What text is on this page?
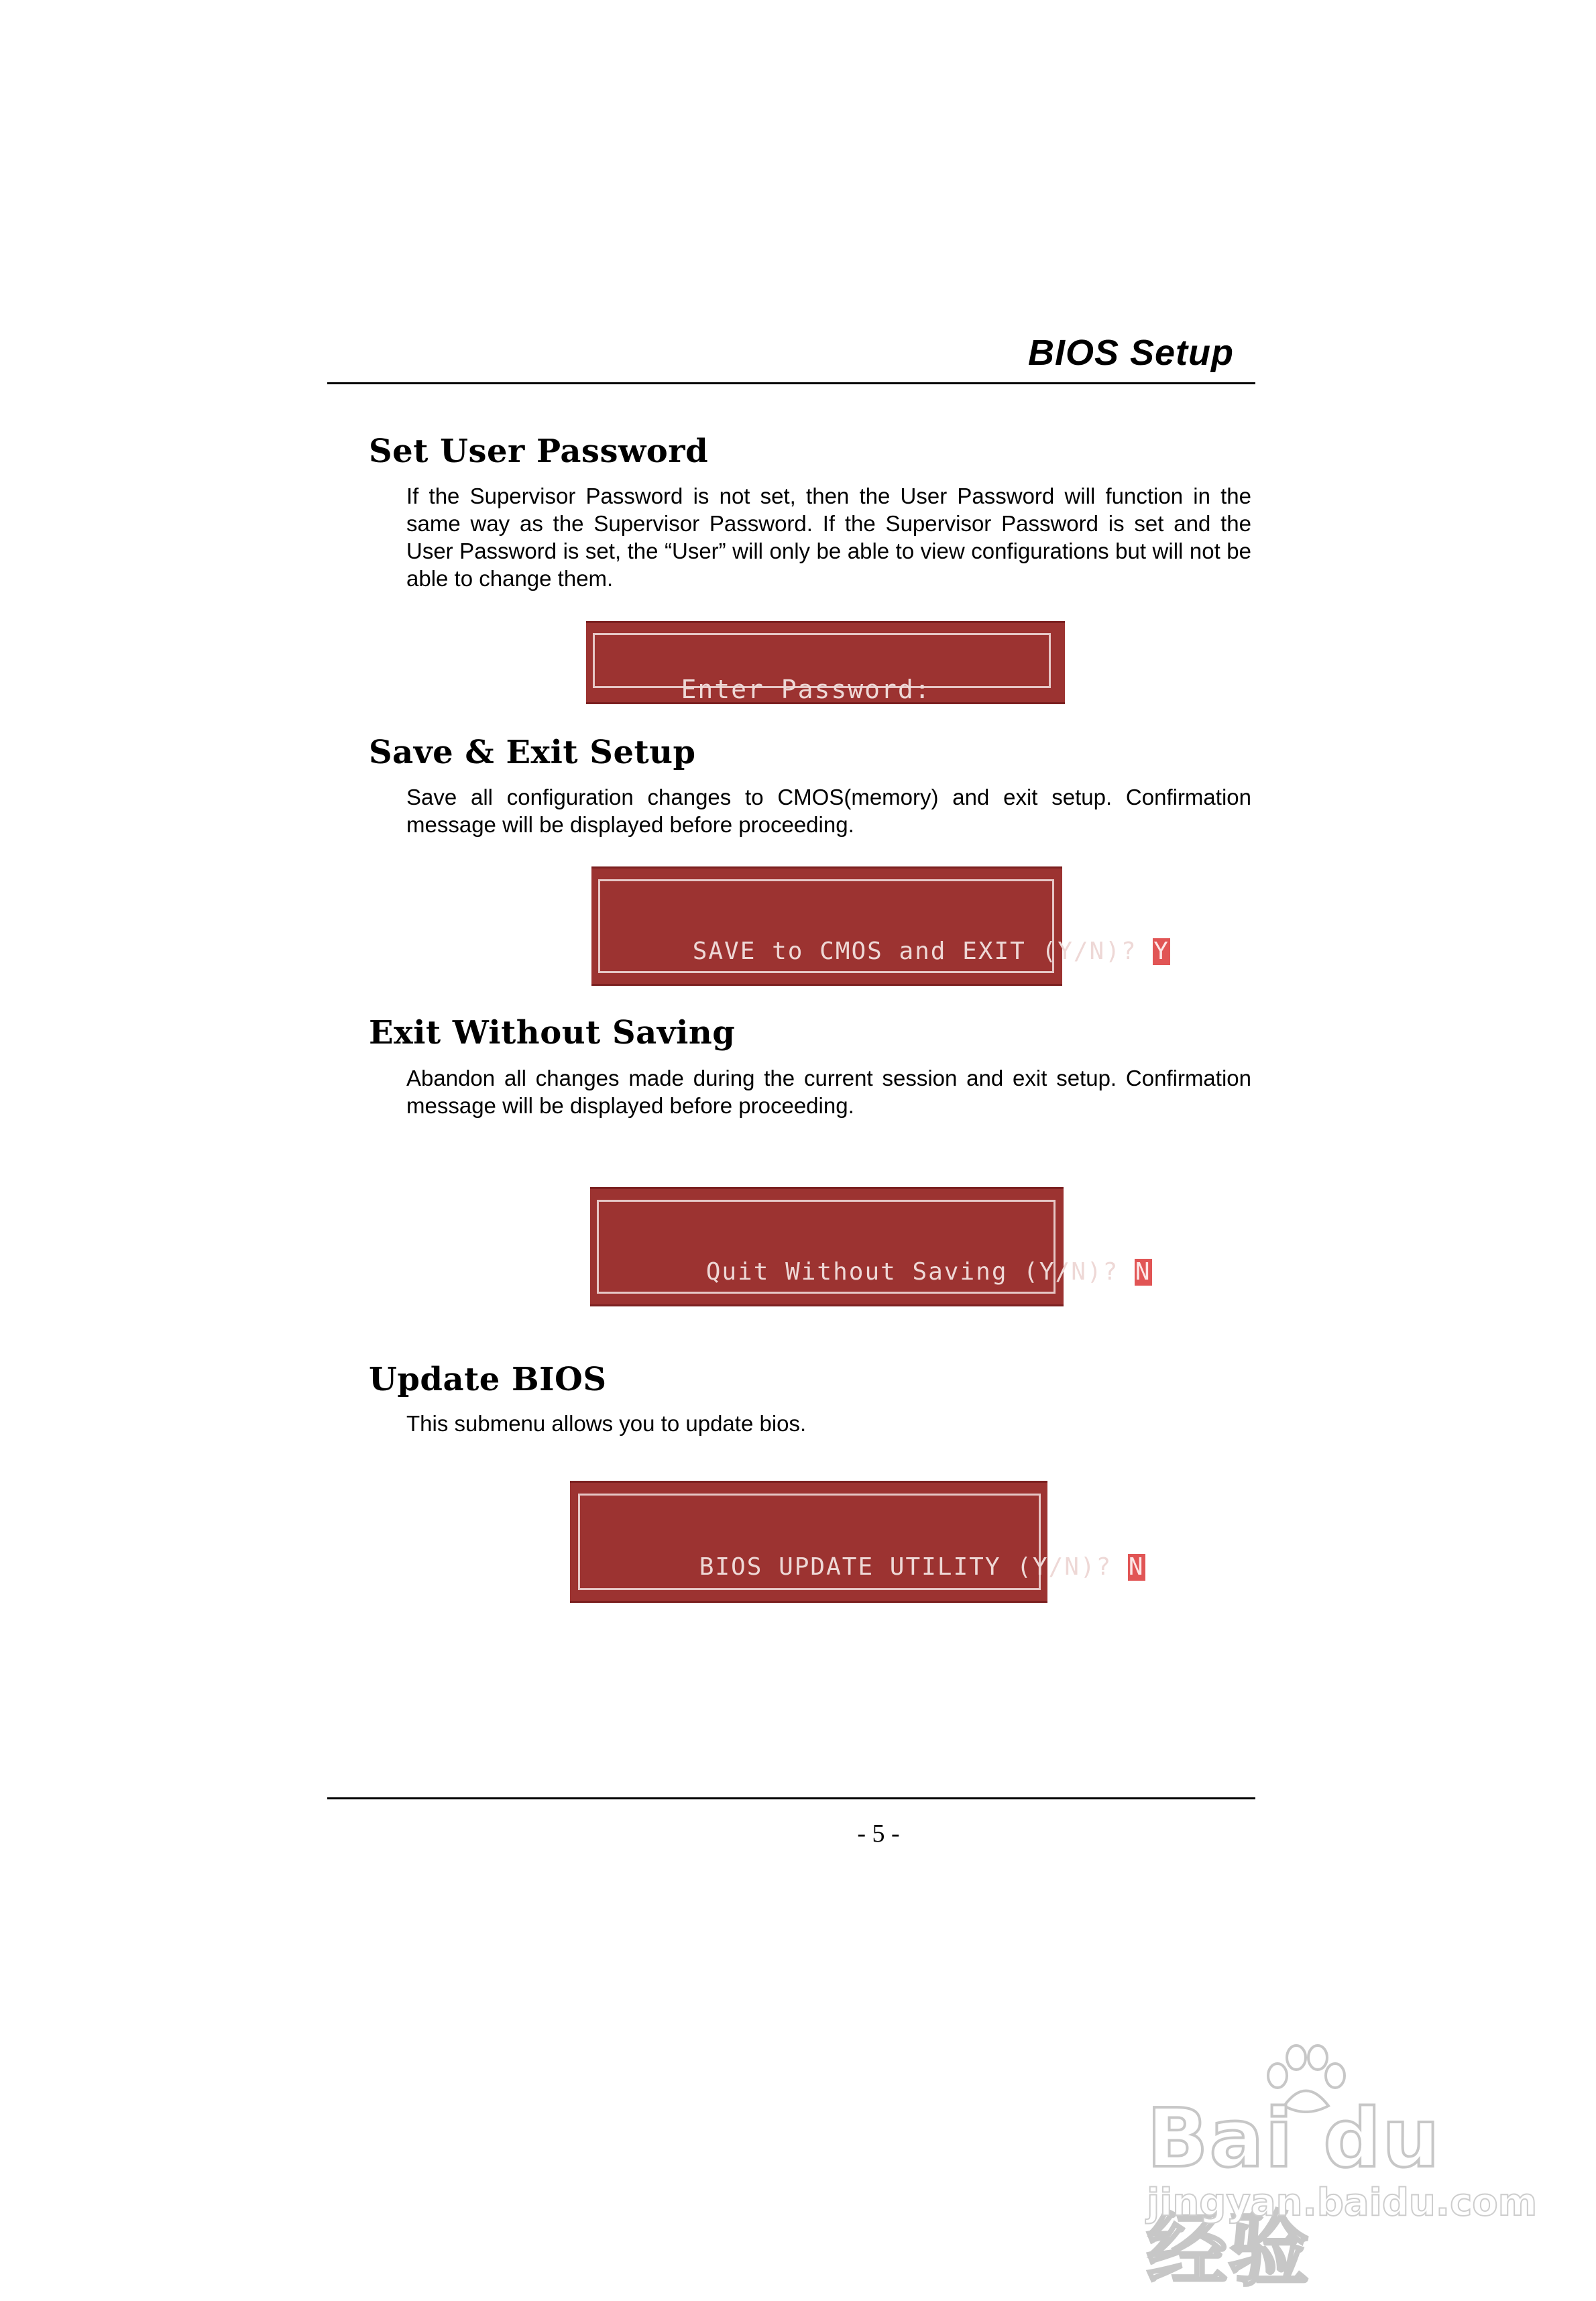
BIOS Setup
Set User Password
If the Supervisor Password is not set, then the User Password will function in the same way as the Supervisor Password. If the Supervisor Password is set and the User Password is set, the “User” will only be able to view configurations but will not be able to change them.

Enter Password:

Save & Exit Setup
Save all configuration changes to CMOS(memory) and exit setup. Confirmation message will be displayed before proceeding.

SAVE to CMOS and EXIT (Y/N)? Y

Exit Without Saving
Abandon all changes made during the current session and exit setup. Confirmation message will be displayed before proceeding.

Quit Without Saving (Y/N)? N

Update BIOS
This submenu allows you to update bios.

BIOS UPDATE UTILITY (Y/N)? N

- 5 -
Bai du 经验
jingyan.baidu.com
